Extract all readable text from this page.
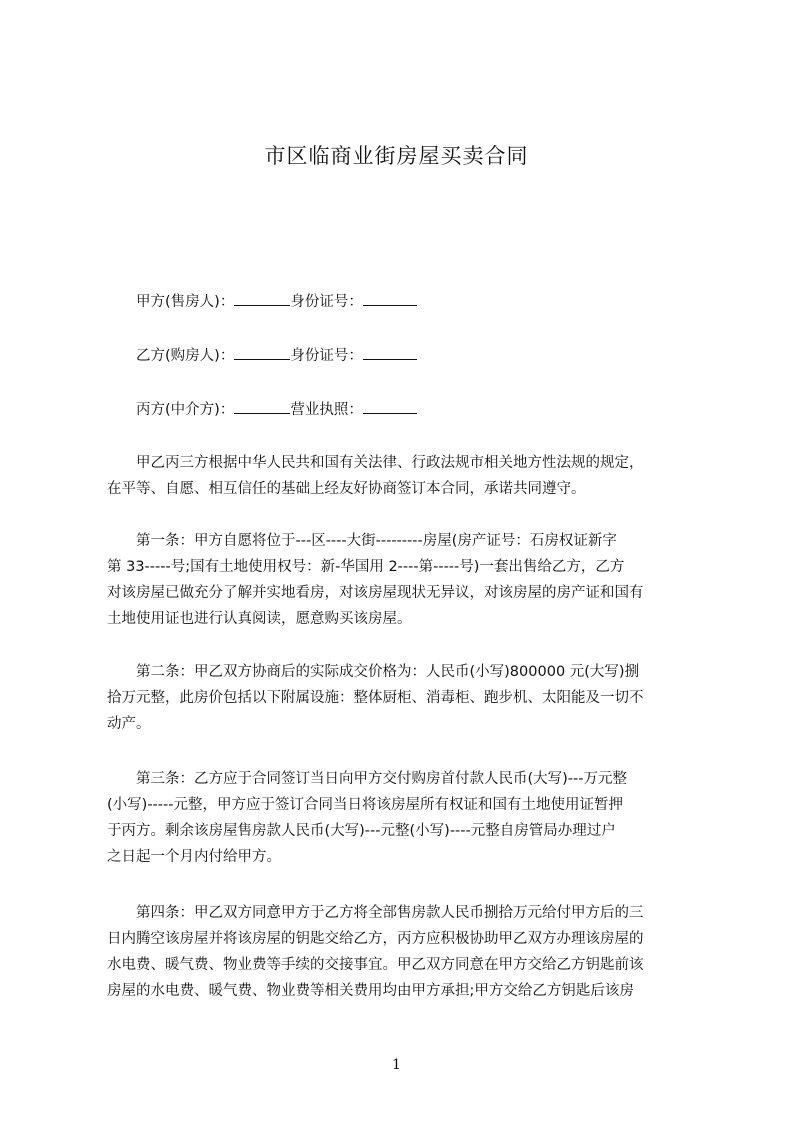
市区临商业街房屋买卖合同
甲方(售房人)：	身份证号：
乙方(购房人)：	身份证号：
丙方(中介方)：	营业执照：
甲乙丙三方根据中华人民共和国有关法律、行政法规市相关地方性法规的规定，
在平等、自愿、相互信任的基础上经友好协商签订本合同，承诺共同遵守。
第一条：甲方自愿将位于---区----大街---------房屋(房产证号：石房权证新字
第 33-----号;国有土地使用权号：新-华国用 2----第-----号)一套出售给乙方，乙方
对该房屋已做充分了解并实地看房，对该房屋现状无异议，对该房屋的房产证和国有
土地使用证也进行认真阅读，愿意购买该房屋。
第二条：甲乙双方协商后的实际成交价格为：人民币(小写)800000 元(大写)捌
拾万元整，此房价包括以下附属设施：整体厨柜、消毒柜、跑步机、太阳能及一切不
动产。
第三条：乙方应于合同签订当日向甲方交付购房首付款人民币(大写)---万元整
(小写)-----元整，甲方应于签订合同当日将该房屋所有权证和国有土地使用证暂押
于丙方。剩余该房屋售房款人民币(大写)---元整(小写)----元整自房管局办理过户
之日起一个月内付给甲方。
第四条：甲乙双方同意甲方于乙方将全部售房款人民币捌拾万元给付甲方后的三
日内腾空该房屋并将该房屋的钥匙交给乙方，丙方应积极协助甲乙双方办理该房屋的
水电费、暖气费、物业费等手续的交接事宜。甲乙双方同意在甲方交给乙方钥匙前该
房屋的水电费、暖气费、物业费等相关费用均由甲方承担;甲方交给乙方钥匙后该房
1
